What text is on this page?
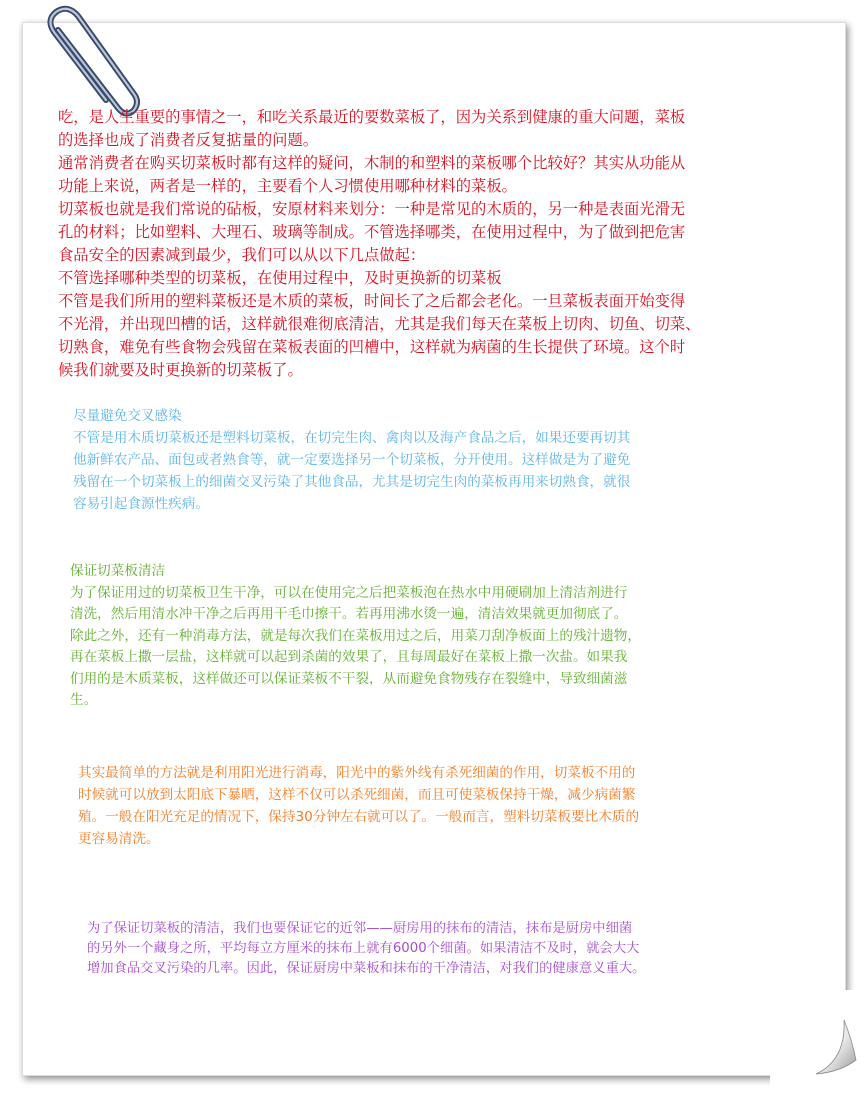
吃，是人生重要的事情之一，和吃关系最近的要数菜板了，因为关系到健康的重大问题，菜板

的选择也成了消费者反复掂量的问题。

通常消费者在购买切菜板时都有这样的疑问，木制的和塑料的菜板哪个比较好？其实从功能从

功能上来说，两者是一样的，主要看个人习惯使用哪种材料的菜板。

切菜板也就是我们常说的砧板，安原材料来划分：一种是常见的木质的，另一种是表面光滑无

孔的材料；比如塑料、大理石、玻璃等制成。不管选择哪类，在使用过程中，为了做到把危害

食品安全的因素减到最少，我们可以从以下几点做起：

不管选择哪种类型的切菜板，在使用过程中，及时更换新的切菜板

不管是我们所用的塑料菜板还是木质的菜板，时间长了之后都会老化。一旦菜板表面开始变得

不光滑，并出现凹槽的话，这样就很难彻底清洁，尤其是我们每天在菜板上切肉、切鱼、切菜、

切熟食，难免有些食物会残留在菜板表面的凹槽中，这样就为病菌的生长提供了环境。这个时

候我们就要及时更换新的切菜板了。

尽量避免交叉感染

不管是用木质切菜板还是塑料切菜板，在切完生肉、禽肉以及海产食品之后，如果还要再切其

他新鲜农产品、面包或者熟食等，就一定要选择另一个切菜板，分开使用。这样做是为了避免

残留在一个切菜板上的细菌交叉污染了其他食品，尤其是切完生肉的菜板再用来切熟食，就很

容易引起食源性疾病。

保证切菜板清洁

为了保证用过的切菜板卫生干净，可以在使用完之后把菜板泡在热水中用硬刷加上清洁剂进行

清洗，然后用清水冲干净之后再用干毛巾擦干。若再用沸水烫一遍，清洁效果就更加彻底了。

除此之外，还有一种消毒方法，就是每次我们在菜板用过之后，用菜刀刮净板面上的残汁遗物，

再在菜板上撒一层盐，这样就可以起到杀菌的效果了，且每周最好在菜板上撒一次盐。如果我

们用的是木质菜板，这样做还可以保证菜板不干裂，从而避免食物残存在裂缝中，导致细菌滋

生。

其实最简单的方法就是利用阳光进行消毒，阳光中的紫外线有杀死细菌的作用，切菜板不用的

时候就可以放到太阳底下暴晒，这样不仅可以杀死细菌，而且可使菜板保持干燥，减少病菌繁

殖。一般在阳光充足的情况下，保持30分钟左右就可以了。一般而言，塑料切菜板要比木质的

更容易清洗。

为了保证切菜板的清洁，我们也要保证它的近邻——厨房用的抹布的清洁，抹布是厨房中细菌

的另外一个藏身之所，平均每立方厘米的抹布上就有6000个细菌。如果清洁不及时，就会大大

增加食品交叉污染的几率。因此，保证厨房中菜板和抹布的干净清洁，对我们的健康意义重大。
